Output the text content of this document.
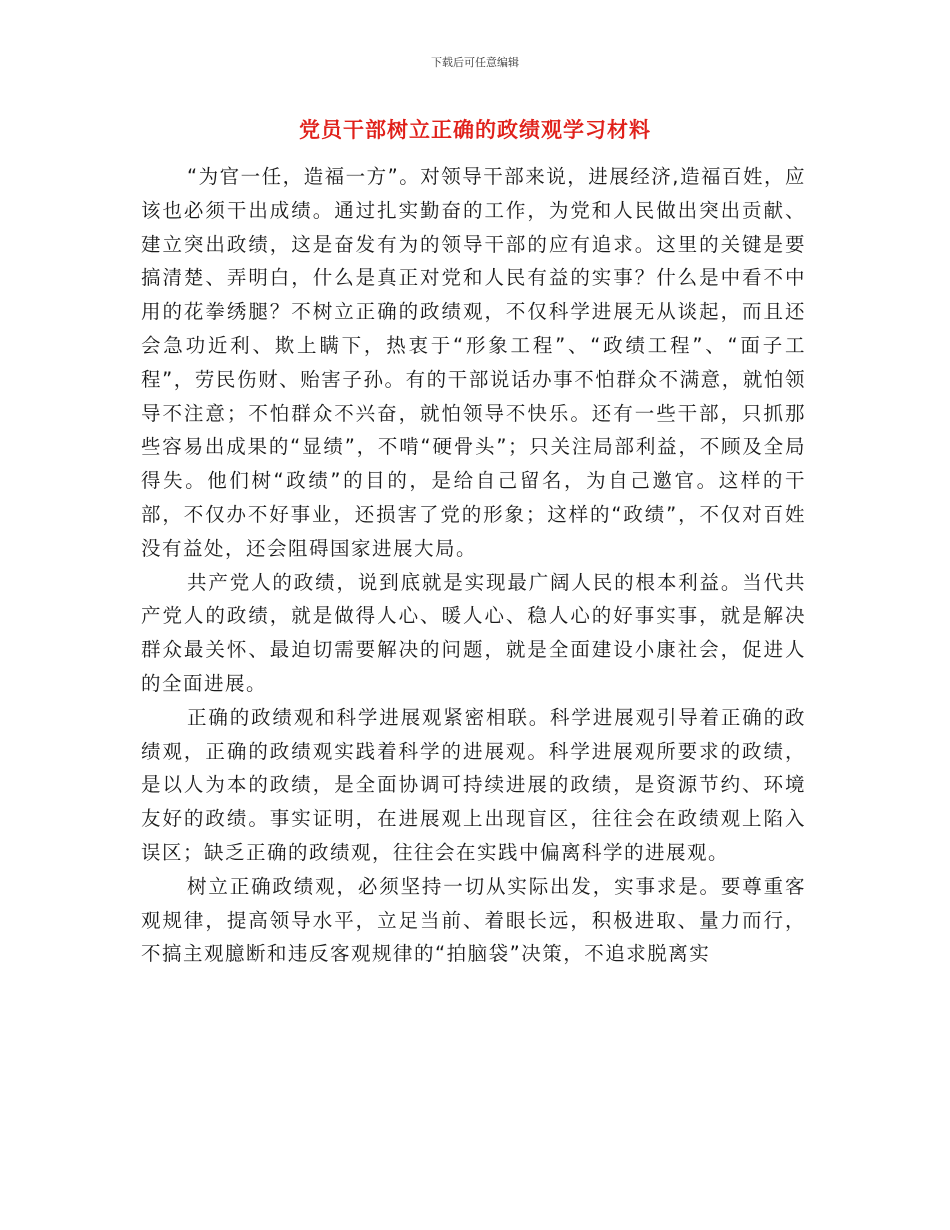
下载后可任意编辑
党员干部树立正确的政绩观学习材料

“为官一任，造福一方”。对领导干部来说，进展经济,造福百姓，应该也必须干出成绩。通过扎实勤奋的工作，为党和人民做出突出贡献、建立突出政绩，这是奋发有为的领导干部的应有追求。这里的关键是要搞清楚、弄明白，什么是真正对党和人民有益的实事？什么是中看不中用的花拳绣腿？不树立正确的政绩观，不仅科学进展无从谈起，而且还会急功近利、欺上瞒下，热衷于“形象工程”、“政绩工程”、“面子工程”，劳民伤财、贻害子孙。有的干部说话办事不怕群众不满意，就怕领导不注意；不怕群众不兴奋，就怕领导不快乐。还有一些干部，只抓那些容易出成果的“显绩”，不啃“硬骨头”；只关注局部利益，不顾及全局得失。他们树“政绩”的目的，是给自己留名，为自己邀官。这样的干部，不仅办不好事业，还损害了党的形象；这样的“政绩”，不仅对百姓没有益处，还会阻碍国家进展大局。

共产党人的政绩，说到底就是实现最广阔人民的根本利益。当代共产党人的政绩，就是做得人心、暖人心、稳人心的好事实事，就是解决群众最关怀、最迫切需要解决的问题，就是全面建设小康社会，促进人的全面进展。

正确的政绩观和科学进展观紧密相联。科学进展观引导着正确的政绩观，正确的政绩观实践着科学的进展观。科学进展观所要求的政绩，是以人为本的政绩，是全面协调可持续进展的政绩，是资源节约、环境友好的政绩。事实证明，在进展观上出现盲区，往往会在政绩观上陷入误区；缺乏正确的政绩观，往往会在实践中偏离科学的进展观。

树立正确政绩观，必须坚持一切从实际出发，实事求是。要尊重客观规律，提高领导水平，立足当前、着眼长远，积极进取、量力而行，不搞主观臆断和违反客观规律的“拍脑袋”决策，不追求脱离实
